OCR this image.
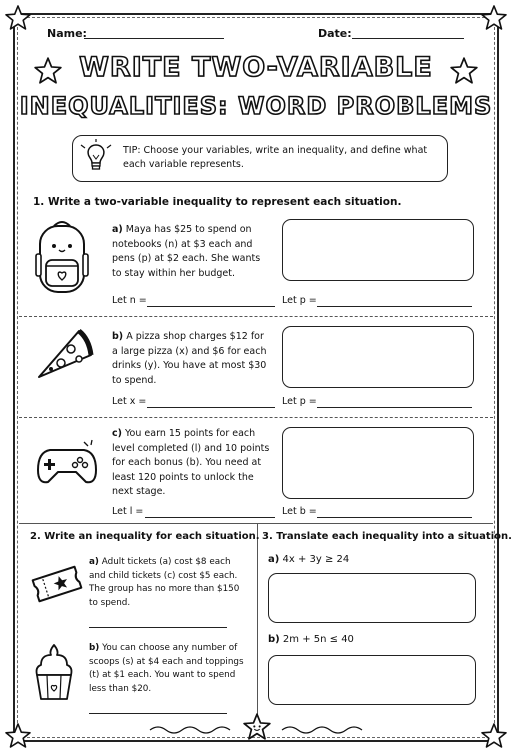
Name:	Date:
WRITE TWO-VARIABLE
INEQUALITIES: WORD PROBLEMS
TIP: Choose your variables, write an inequality, and define what each variable represents.
1. Write a two-variable inequality to represent each situation.
a) Maya has $25 to spend on notebooks (n) at $3 each and pens (p) at $2 each. She wants to stay within her budget.
Let n =	Let p =
b) A pizza shop charges $12 for a large pizza (x) and $6 for each drinks (y). You have at most $30 to spend.
Let x =	Let p =
c) You earn 15 points for each level completed (l) and 10 points for each bonus (b). You need at least 120 points to unlock the next stage.
Let l =	Let b =
2. Write an inequality for each situation.
a) Adult tickets (a) cost $8 each and child tickets (c) cost $5 each. The group has no more than $150 to spend.
b) You can choose any number of scoops (s) at $4 each and toppings (t) at $1 each. You want to spend less than $20.
3. Translate each inequality into a situation.
a) 4x + 3y ≥ 24
b) 2m + 5n ≤ 40
